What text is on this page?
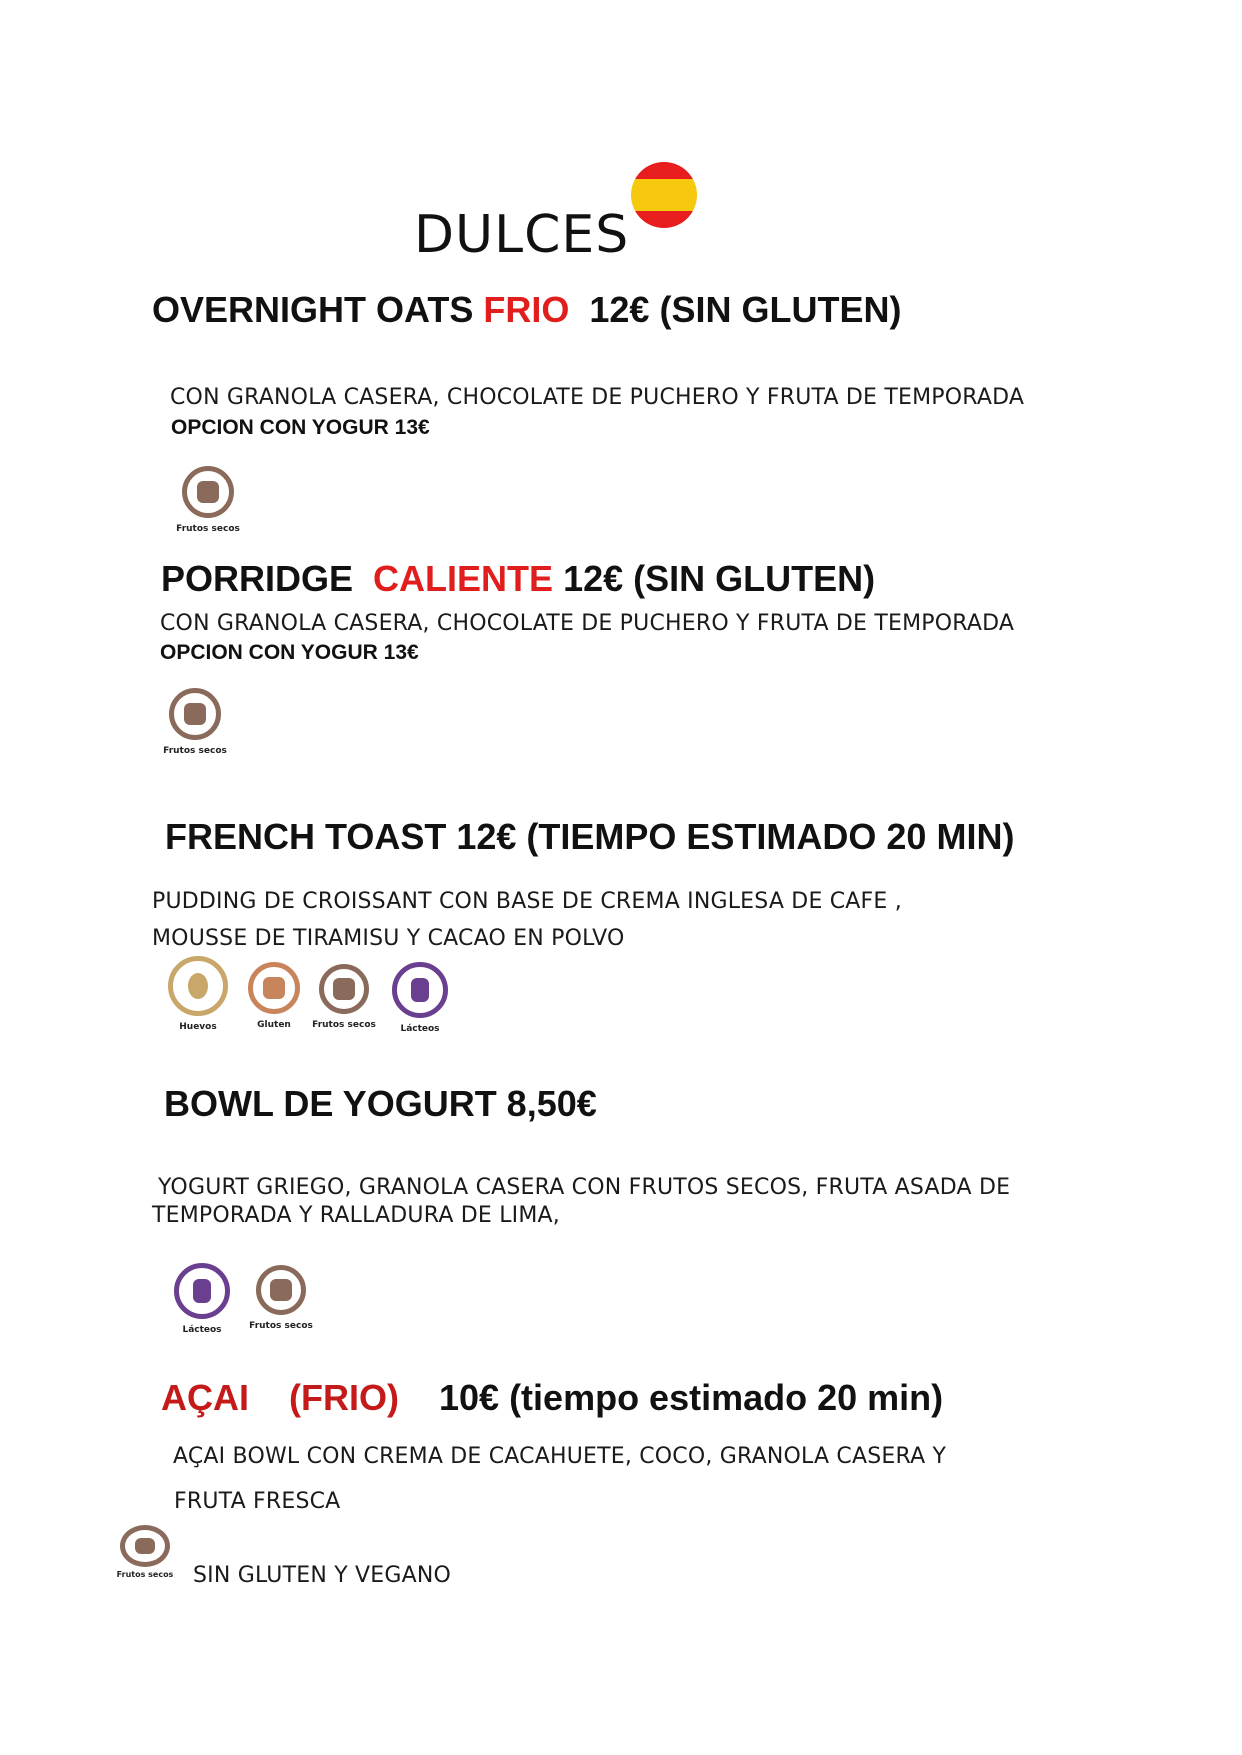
DULCES
OVERNIGHT OATS FRIO 12€ (SIN GLUTEN)
CON GRANOLA CASERA, CHOCOLATE DE PUCHERO Y FRUTA DE TEMPORADA
OPCION CON YOGUR 13€
Frutos secos
PORRIDGE CALIENTE 12€ (SIN GLUTEN)
CON GRANOLA CASERA, CHOCOLATE DE PUCHERO Y FRUTA DE TEMPORADA
OPCION CON YOGUR 13€
Frutos secos
FRENCH TOAST 12€ (TIEMPO ESTIMADO 20 MIN)
PUDDING DE CROISSANT CON BASE DE CREMA INGLESA DE CAFE ,
MOUSSE DE TIRAMISU Y CACAO EN POLVO
Huevos	Gluten	Frutos secos	Lácteos
BOWL DE YOGURT 8,50€
YOGURT GRIEGO, GRANOLA CASERA CON FRUTOS SECOS, FRUTA ASADA DE
TEMPORADA Y RALLADURA DE LIMA,
Lácteos	Frutos secos
AÇAI (FRIO) 10€ (tiempo estimado 20 min)
AÇAI BOWL CON CREMA DE CACAHUETE, COCO, GRANOLA CASERA Y
FRUTA FRESCA
Frutos secos SIN GLUTEN Y VEGANO
